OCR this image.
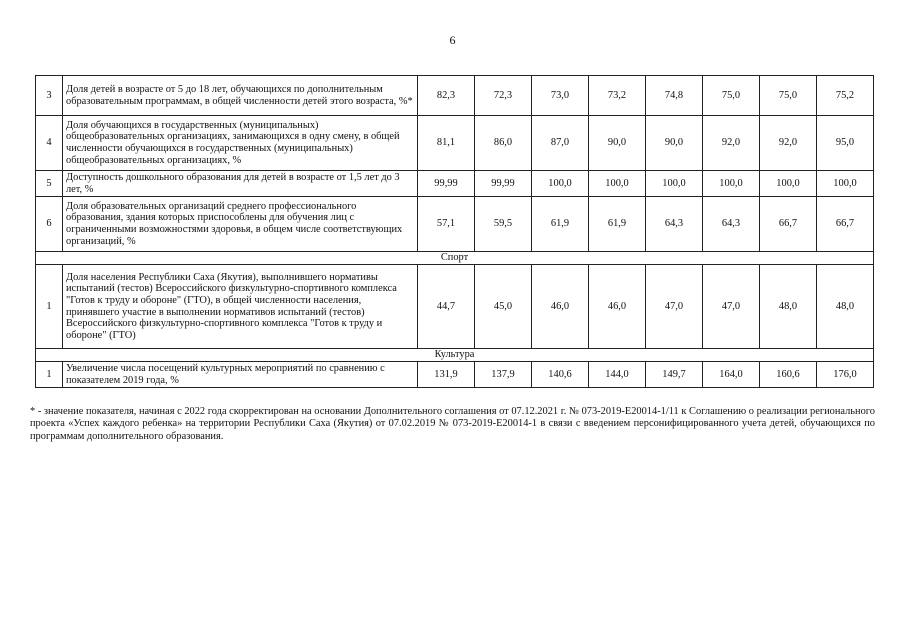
6
3	Доля детей в возрасте от 5 до 18 лет, обучающихся по дополнительным образовательным программам, в общей численности детей этого возраста, %*	82,3	72,3	73,0	73,2	74,8	75,0	75,0	75,2
4	Доля обучающихся в государственных (муниципальных) общеобразовательных организациях, занимающихся в одну смену, в общей численности обучающихся в государственных (муниципальных) общеобразовательных организациях, %	81,1	86,0	87,0	90,0	90,0	92,0	92,0	95,0
5	Доступность дошкольного образования для детей в возрасте от 1,5 лет до 3 лет, %	99,99	99,99	100,0	100,0	100,0	100,0	100,0	100,0
6	Доля образовательных организаций среднего профессионального образования, здания которых приспособлены для обучения лиц с ограниченными возможностями здоровья, в общем числе соответствующих организаций, %	57,1	59,5	61,9	61,9	64,3	64,3	66,7	66,7
Спорт									
1	Доля населения Республики Саха (Якутия), выполнившего нормативы испытаний (тестов) Всероссийского физкультурно-спортивного комплекса "Готов к труду и обороне" (ГТО), в общей численности населения, принявшего участие в выполнении нормативов испытаний (тестов) Всероссийского физкультурно-спортивного комплекса "Готов к труду и обороне" (ГТО)	44,7	45,0	46,0	46,0	47,0	47,0	48,0	48,0
Культура									
1	Увеличение числа посещений культурных мероприятий по сравнению с показателем 2019 года, %	131,9	137,9	140,6	144,0	149,7	164,0	160,6	176,0
* - значение показателя, начиная с 2022 года скорректирован на основании Дополнительного соглашения от 07.12.2021 г. № 073-2019-Е20014-1/11 к Соглашению о реализации регионального проекта «Успех каждого ребенка» на территории Республики Саха (Якутия) от 07.02.2019 № 073-2019-Е20014-1 в связи с введением персонифицированного учета детей, обучающихся по программам дополнительного образования.
